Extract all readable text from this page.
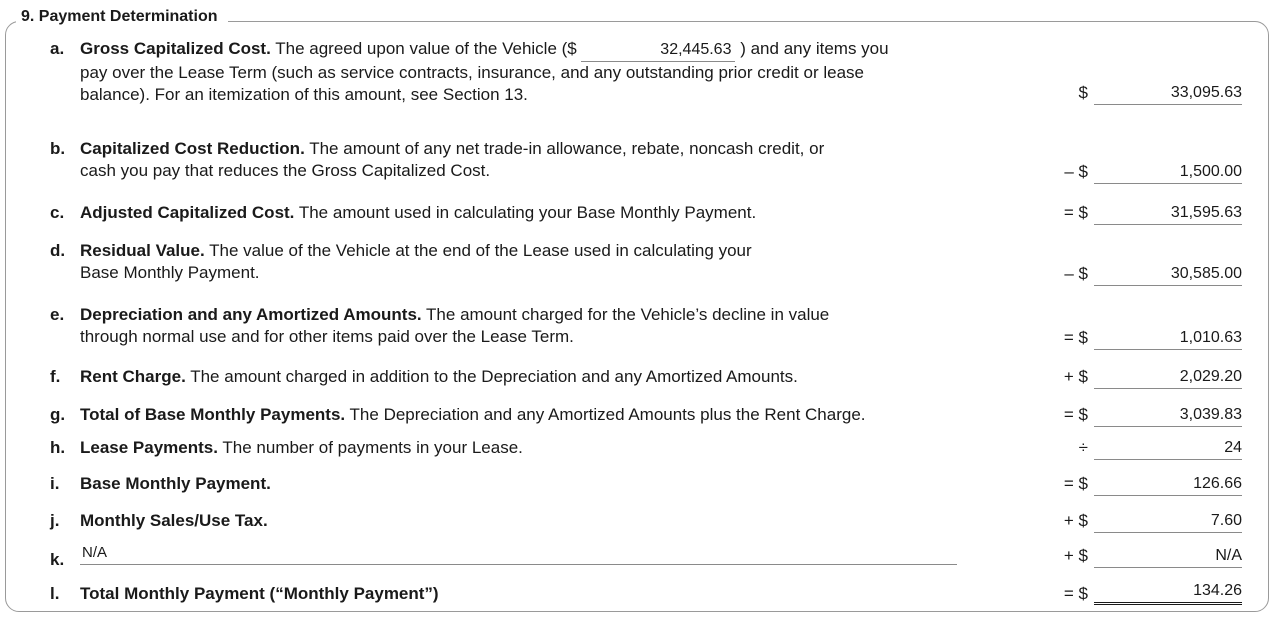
9. Payment Determination
a. Gross Capitalized Cost. The agreed upon value of the Vehicle ($	32,445.63 ) and any items you
pay over the Lease Term (such as service contracts, insurance, and any outstanding prior credit or lease
balance). For an itemization of this amount, see Section 13.	$	33,095.63
b. Capitalized Cost Reduction. The amount of any net trade-in allowance, rebate, noncash credit, or
cash you pay that reduces the Gross Capitalized Cost.	– $	1,500.00
c. Adjusted Capitalized Cost. The amount used in calculating your Base Monthly Payment.	= $	31,595.63
d. Residual Value. The value of the Vehicle at the end of the Lease used in calculating your
Base Monthly Payment.	– $	30,585.00
e. Depreciation and any Amortized Amounts. The amount charged for the Vehicle’s decline in value
through normal use and for other items paid over the Lease Term.	= $	1,010.63
f. Rent Charge. The amount charged in addition to the Depreciation and any Amortized Amounts.	+ $	2,029.20
g. Total of Base Monthly Payments. The Depreciation and any Amortized Amounts plus the Rent Charge.	= $	3,039.83
h. Lease Payments. The number of payments in your Lease.	÷	24
i. Base Monthly Payment.	= $	126.66
j. Monthly Sales/Use Tax.	+ $	7.60
k. N/A	+ $	N/A
l. Total Monthly Payment (“Monthly Payment”)	= $	134.26
